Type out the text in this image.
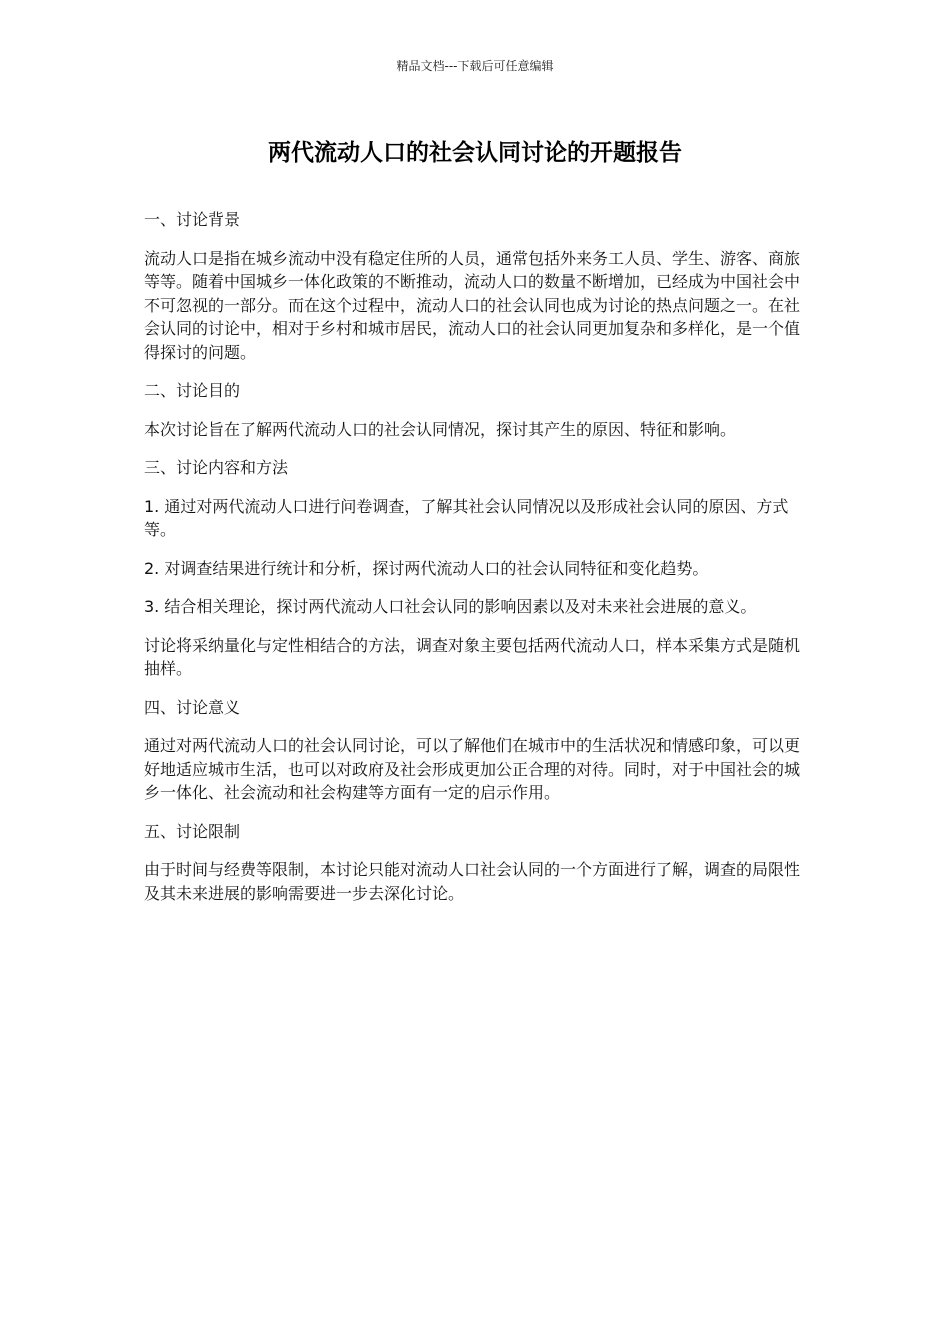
精品文档---下载后可任意编辑
两代流动人口的社会认同讨论的开题报告
一、讨论背景

流动人口是指在城乡流动中没有稳定住所的人员，通常包括外来务工人员、学生、游客、商旅等等。随着中国城乡一体化政策的不断推动，流动人口的数量不断增加，已经成为中国社会中不可忽视的一部分。而在这个过程中，流动人口的社会认同也成为讨论的热点问题之一。在社会认同的讨论中，相对于乡村和城市居民，流动人口的社会认同更加复杂和多样化，是一个值得探讨的问题。

二、讨论目的

本次讨论旨在了解两代流动人口的社会认同情况，探讨其产生的原因、特征和影响。

三、讨论内容和方法

1. 通过对两代流动人口进行问卷调查，了解其社会认同情况以及形成社会认同的原因、方式等。

2. 对调查结果进行统计和分析，探讨两代流动人口的社会认同特征和变化趋势。

3. 结合相关理论，探讨两代流动人口社会认同的影响因素以及对未来社会进展的意义。

讨论将采纳量化与定性相结合的方法，调查对象主要包括两代流动人口，样本采集方式是随机抽样。

四、讨论意义

通过对两代流动人口的社会认同讨论，可以了解他们在城市中的生活状况和情感印象，可以更好地适应城市生活，也可以对政府及社会形成更加公正合理的对待。同时，对于中国社会的城乡一体化、社会流动和社会构建等方面有一定的启示作用。

五、讨论限制

由于时间与经费等限制，本讨论只能对流动人口社会认同的一个方面进行了解，调查的局限性及其未来进展的影响需要进一步去深化讨论。
